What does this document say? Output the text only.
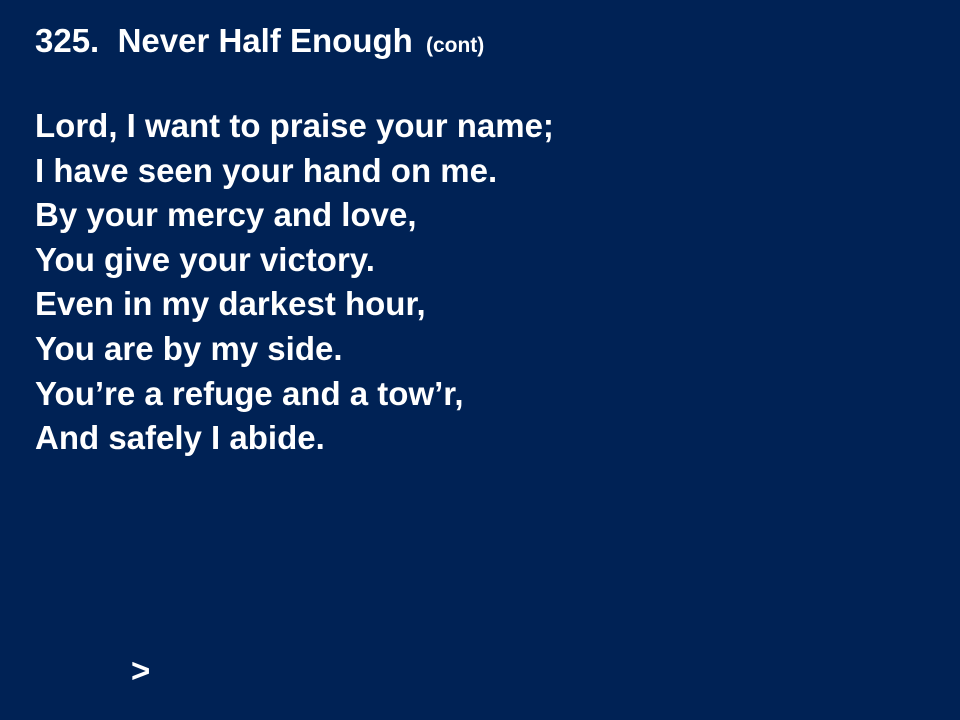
325. Never Half Enough (cont)
Lord, I want to praise your name;
I have seen your hand on me.
By your mercy and love,
You give your victory.
Even in my darkest hour,
You are by my side.
You’re a refuge and a tow’r,
And safely I abide.
>
